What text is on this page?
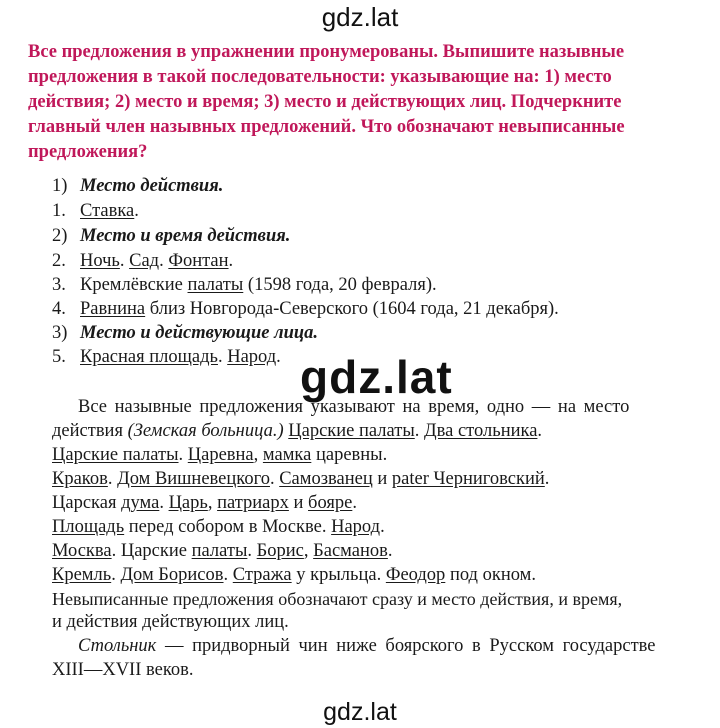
gdz.lat
Все предложения в упражнении пронумерованы. Выпишите назывные предложения в такой последовательности: указывающие на: 1) место действия; 2) место и время; 3) место и действующих лиц. Подчеркните главный член назывных предложений. Что обозначают невыписанные предложения?
1) Место действия.
1. Ставка.
2) Место и время действия.
2. Ночь. Сад. Фонтан.
3. Кремлёвские палаты (1598 года, 20 февраля).
4. Равнина близ Новгорода-Северского (1604 года, 21 декабря).
3) Место и действующие лица.
5. Красная площадь. Народ.
Все назывные предложения указывают на время, одно — на место
действия (Земская больница.) Царские палаты. Два стольника.
Царские палаты. Царевна, мамка царевны.
Краков. Дом Вишневецкого. Самозванец и pater Черниговский.
Царская дума. Царь, патриарх и бояре.
Площадь перед собором в Москве. Народ.
Москва. Царские палаты. Борис, Басманов.
Кремль. Дом Борисов. Стража у крыльца. Феодор под окном.
Невыписанные предложения обозначают сразу и место действия, и время,
и действия действующих лиц.
Стольник — придворный чин ниже боярского в Русском государстве
XIII—XVII веков.
gdz.lat
gdz.lat
